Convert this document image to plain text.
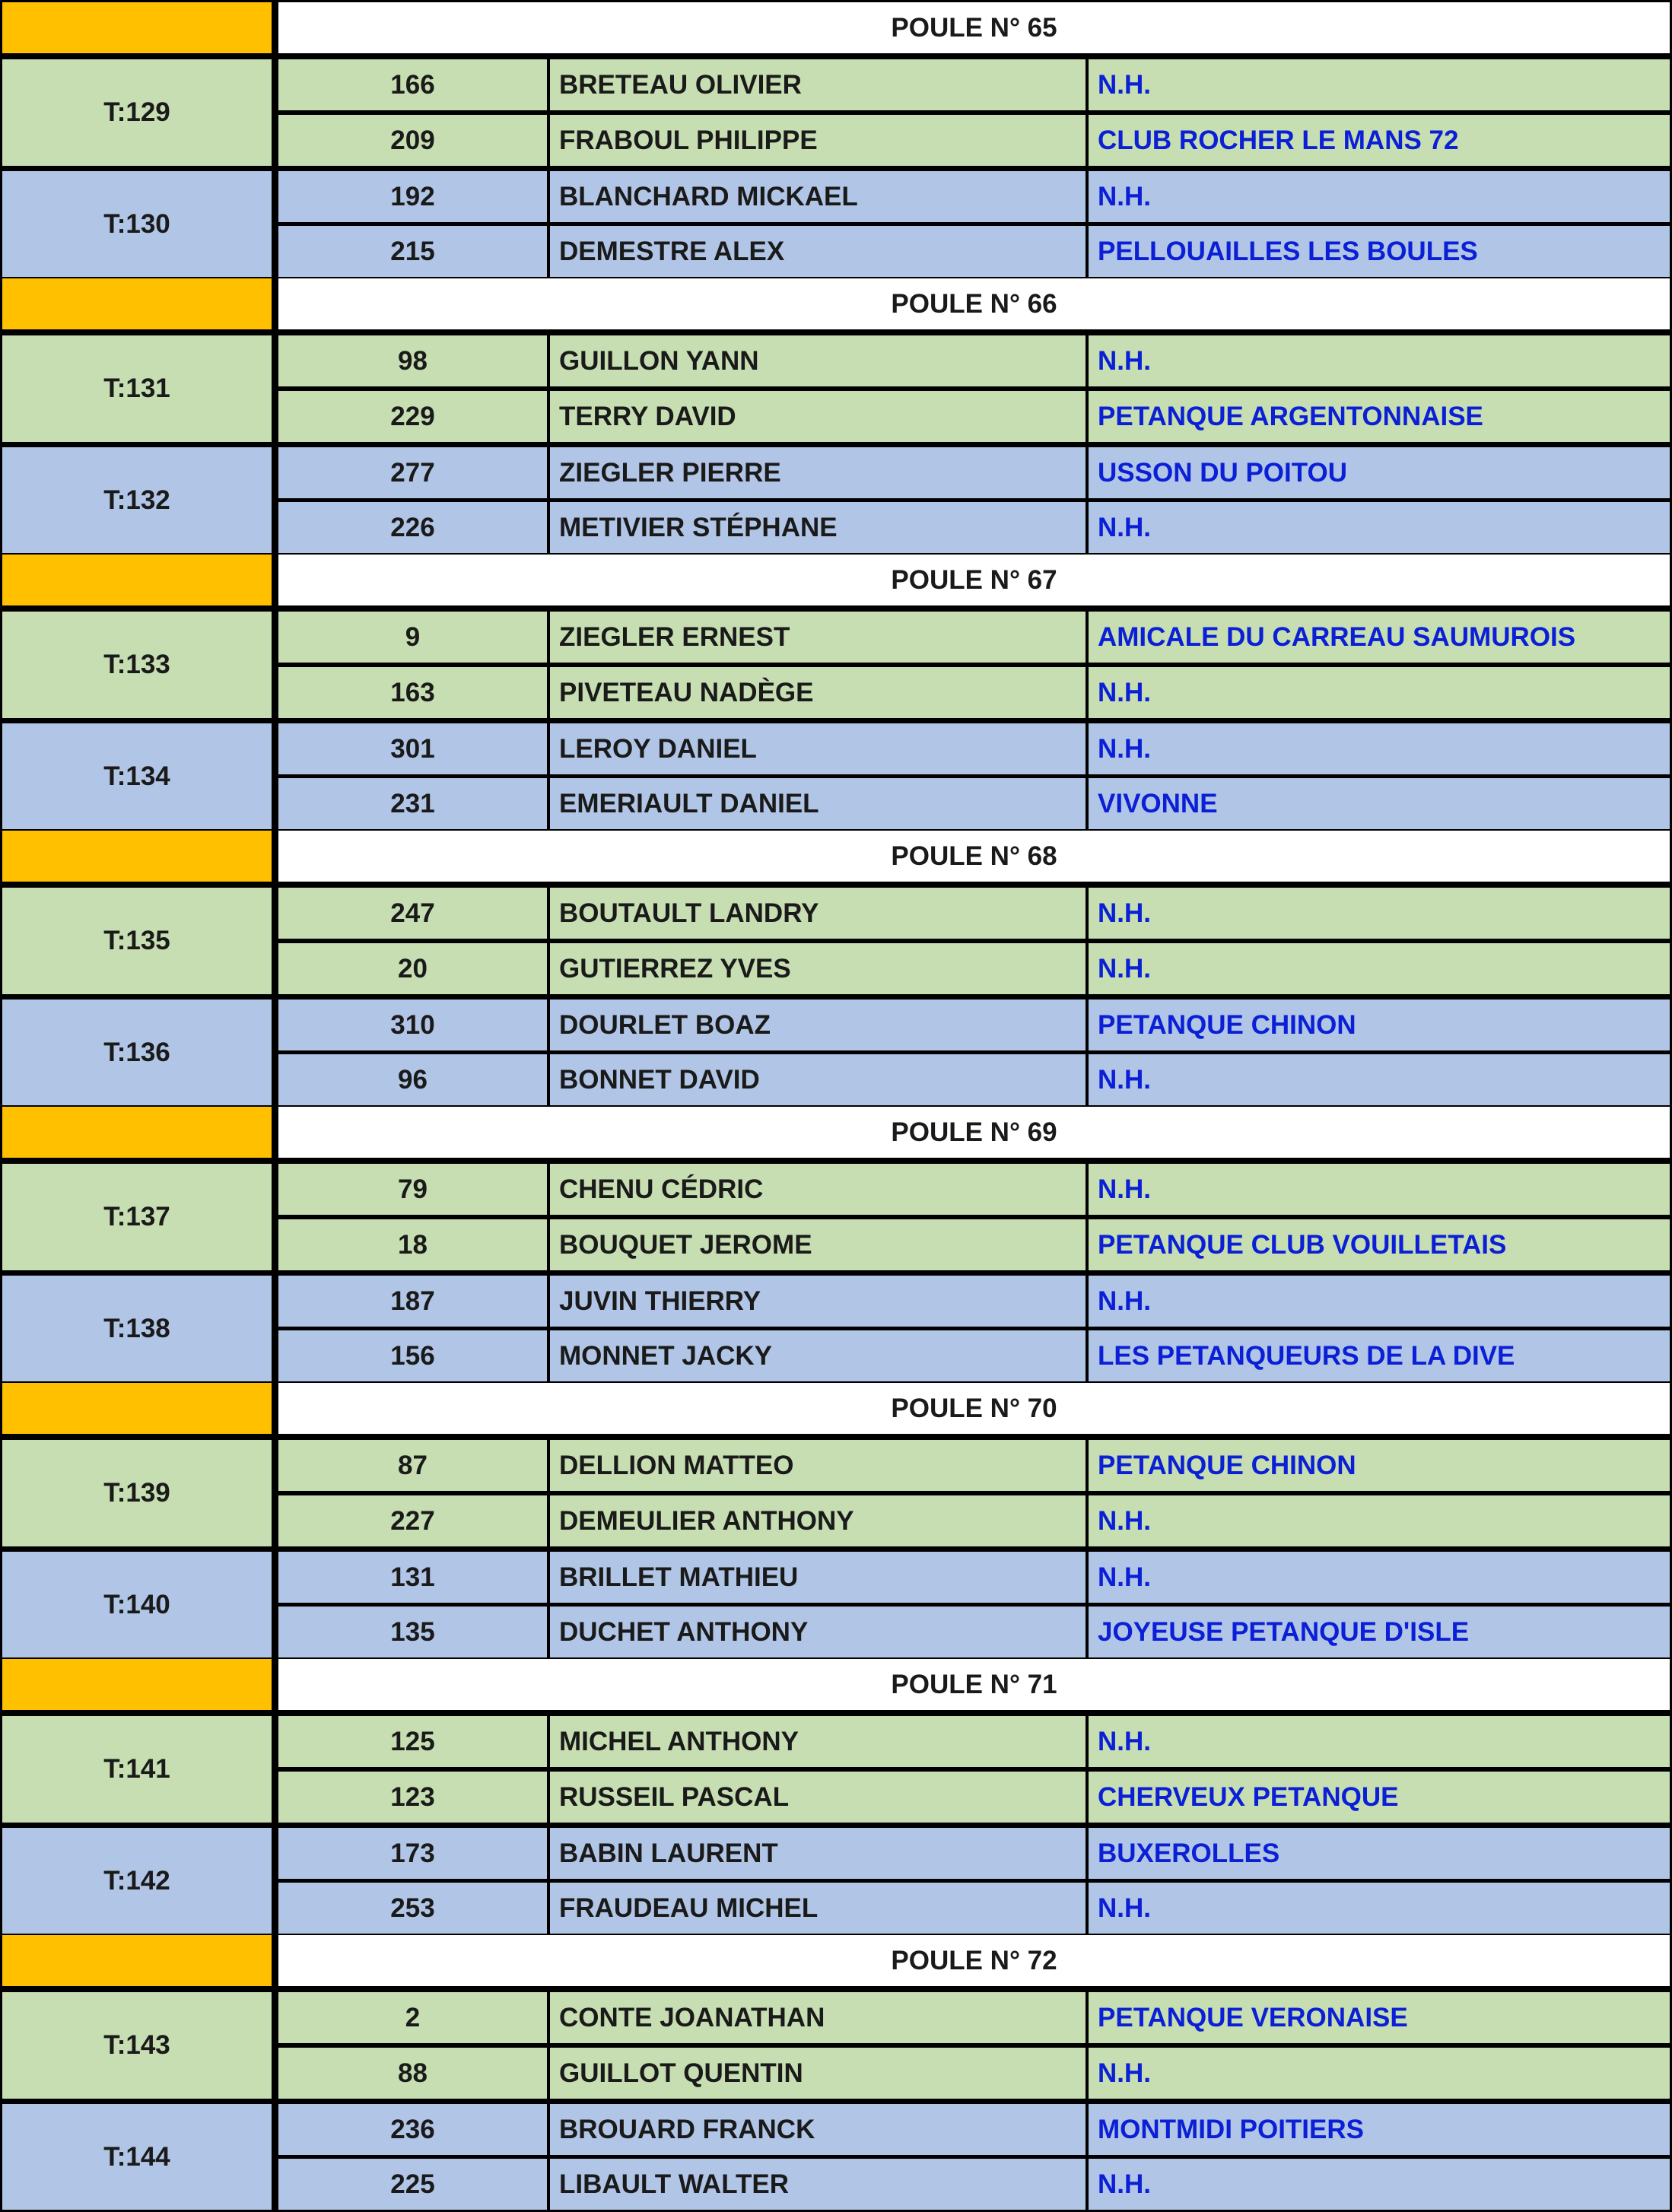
POULE N° 65
T:129
166	BRETEAU OLIVIER	N.H.
209	FRABOUL PHILIPPE	CLUB ROCHER LE MANS 72
T:130
192	BLANCHARD MICKAEL	N.H.
215	DEMESTRE ALEX	PELLOUAILLES LES BOULES
POULE N° 66
T:131
98	GUILLON YANN	N.H.
229	TERRY DAVID	PETANQUE ARGENTONNAISE
T:132
277	ZIEGLER PIERRE	USSON DU POITOU
226	METIVIER STÉPHANE	N.H.
POULE N° 67
T:133
9	ZIEGLER ERNEST	AMICALE DU CARREAU SAUMUROIS
163	PIVETEAU NADÈGE	N.H.
T:134
301	LEROY DANIEL	N.H.
231	EMERIAULT DANIEL	VIVONNE
POULE N° 68
T:135
247	BOUTAULT LANDRY	N.H.
20	GUTIERREZ YVES	N.H.
T:136
310	DOURLET BOAZ	PETANQUE CHINON
96	BONNET DAVID	N.H.
POULE N° 69
T:137
79	CHENU CÉDRIC	N.H.
18	BOUQUET JEROME	PETANQUE CLUB VOUILLETAIS
T:138
187	JUVIN THIERRY	N.H.
156	MONNET JACKY	LES PETANQUEURS DE LA DIVE
POULE N° 70
T:139
87	DELLION MATTEO	PETANQUE CHINON
227	DEMEULIER ANTHONY	N.H.
T:140
131	BRILLET MATHIEU	N.H.
135	DUCHET ANTHONY	JOYEUSE PETANQUE D'ISLE
POULE N° 71
T:141
125	MICHEL ANTHONY	N.H.
123	RUSSEIL PASCAL	CHERVEUX PETANQUE
T:142
173	BABIN LAURENT	BUXEROLLES
253	FRAUDEAU MICHEL	N.H.
POULE N° 72
T:143
2	CONTE JOANATHAN	PETANQUE VERONAISE
88	GUILLOT QUENTIN	N.H.
T:144
236	BROUARD FRANCK	MONTMIDI POITIERS
225	LIBAULT WALTER	N.H.
